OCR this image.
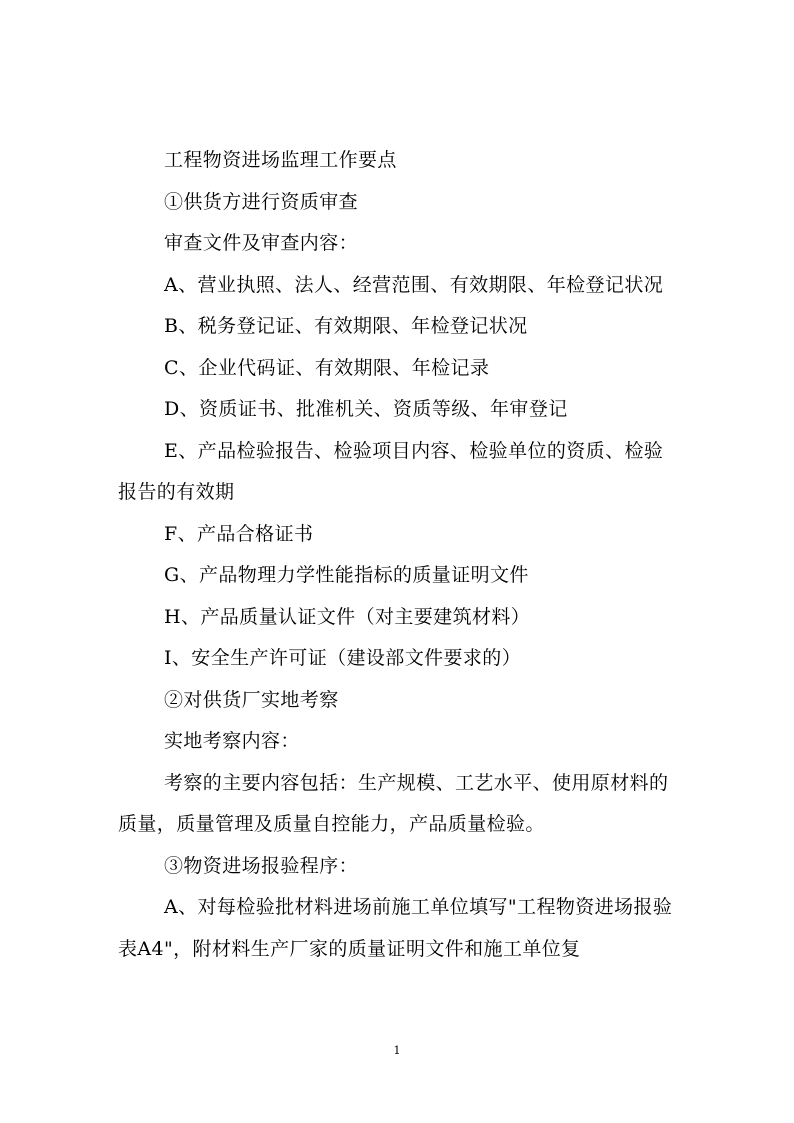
工程物资进场监理工作要点

①供货方进行资质审查

审查文件及审查内容：

A、营业执照、法人、经营范围、有效期限、年检登记状况

B、税务登记证、有效期限、年检登记状况

C、企业代码证、有效期限、年检记录

D、资质证书、批准机关、资质等级、年审登记

E、产品检验报告、检验项目内容、检验单位的资质、检验报告的有效期

F、产品合格证书

G、产品物理力学性能指标的质量证明文件

H、产品质量认证文件（对主要建筑材料）

I、安全生产许可证（建设部文件要求的）

②对供货厂实地考察

实地考察内容：

考察的主要内容包括：生产规模、工艺水平、使用原材料的质量，质量管理及质量自控能力，产品质量检验。

③物资进场报验程序：

A、对每检验批材料进场前施工单位填写"工程物资进场报验表A4"，附材料生产厂家的质量证明文件和施工单位复

1
